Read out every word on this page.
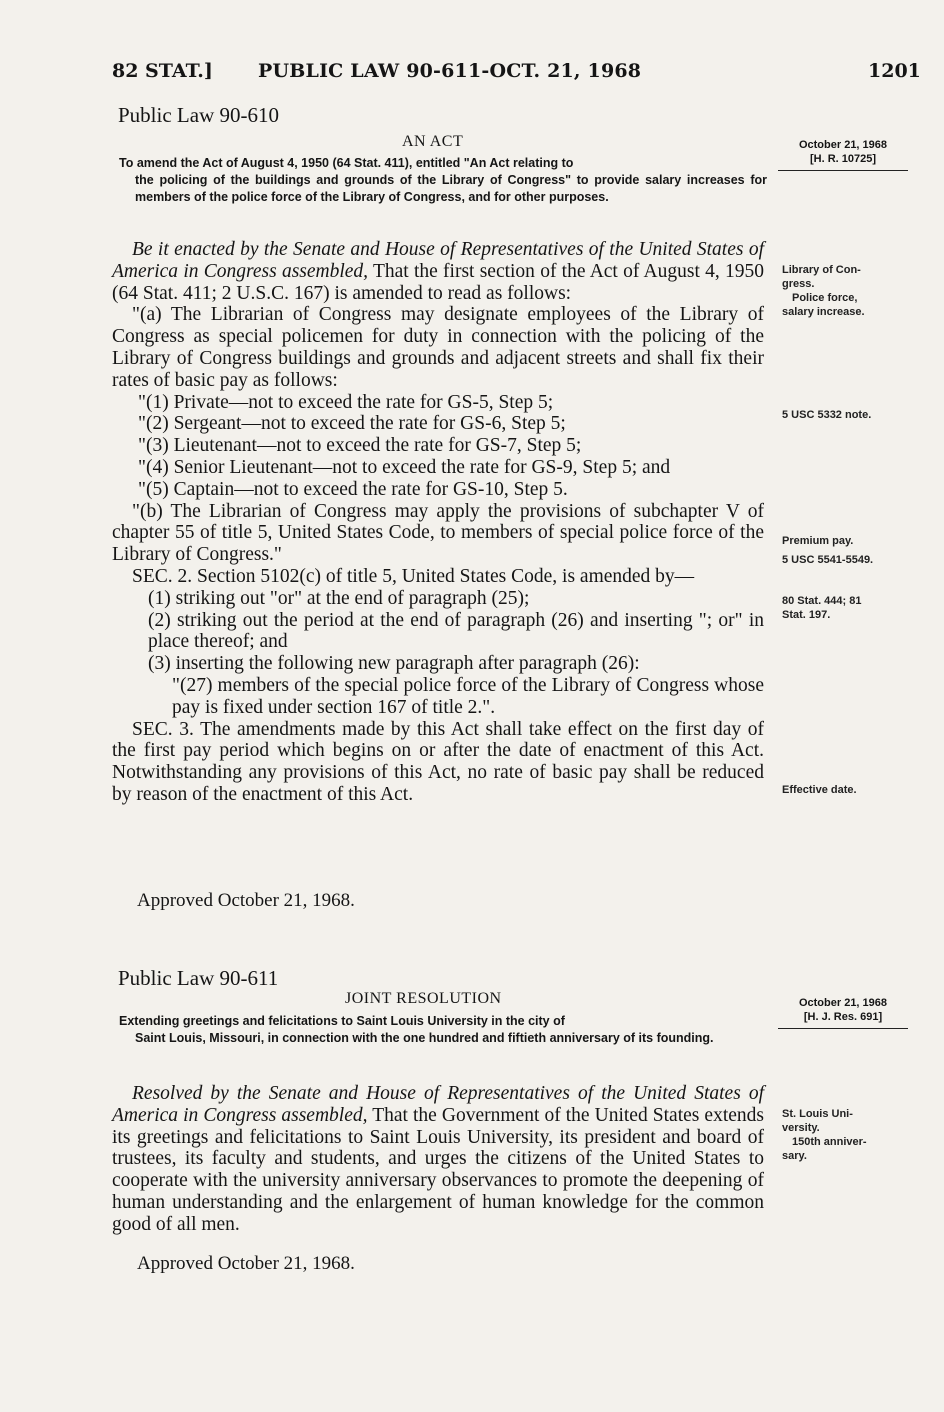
82 STAT.] PUBLIC LAW 90-611-OCT. 21, 1968	1201
Public Law 90-610
AN ACT	October 21, 1968
[H. R. 10725]
To amend the Act of August 4, 1950 (64 Stat. 411), entitled "An Act relating to
the policing of the buildings and grounds of the Library of Congress" to provide salary increases for members of the police force of the Library of Congress, and for other purposes.

Be it enacted by the Senate and House of Representatives of the United States of America in Congress assembled, That the first section of the Act of August 4, 1950 (64 Stat. 411; 2 U.S.C. 167) is amended to read as follows:

"(a) The Librarian of Congress may designate employees of the Library of Congress as special policemen for duty in connection with the policing of the Library of Congress buildings and grounds and adjacent streets and shall fix their rates of basic pay as follows:

"(1) Private—not to exceed the rate for GS-5, Step 5;

"(2) Sergeant—not to exceed the rate for GS-6, Step 5;

"(3) Lieutenant—not to exceed the rate for GS-7, Step 5;

"(4) Senior Lieutenant—not to exceed the rate for GS-9, Step 5; and

"(5) Captain—not to exceed the rate for GS-10, Step 5.

"(b) The Librarian of Congress may apply the provisions of subchapter V of chapter 55 of title 5, United States Code, to members of special police force of the Library of Congress."

SEC. 2. Section 5102(c) of title 5, United States Code, is amended by—

(1) striking out "or" at the end of paragraph (25);

(2) striking out the period at the end of paragraph (26) and inserting "; or" in place thereof; and

(3) inserting the following new paragraph after paragraph (26):

"(27) members of the special police force of the Library of Congress whose pay is fixed under section 167 of title 2.".

SEC. 3. The amendments made by this Act shall take effect on the first day of the first pay period which begins on or after the date of enactment of this Act. Notwithstanding any provisions of this Act, no rate of basic pay shall be reduced by reason of the enactment of this Act.

Approved October 21, 1968.
Library of Con-
gress.
Police force,
salary increase.
5 USC 5332 note.
Premium pay.
5 USC 5541-5549.
80 Stat. 444; 81
Stat. 197.
Effective date.
Public Law 90-611
JOINT RESOLUTION	October 21, 1968
[H. J. Res. 691]
Extending greetings and felicitations to Saint Louis University in the city of
Saint Louis, Missouri, in connection with the one hundred and fiftieth anniversary of its founding.

Resolved by the Senate and House of Representatives of the United States of America in Congress assembled, That the Government of the United States extends its greetings and felicitations to Saint Louis University, its president and board of trustees, its faculty and students, and urges the citizens of the United States to cooperate with the university anniversary observances to promote the deepening of human understanding and the enlargement of human knowledge for the common good of all men.

Approved October 21, 1968.
St. Louis Uni-
versity.
150th anniver-
sary.
